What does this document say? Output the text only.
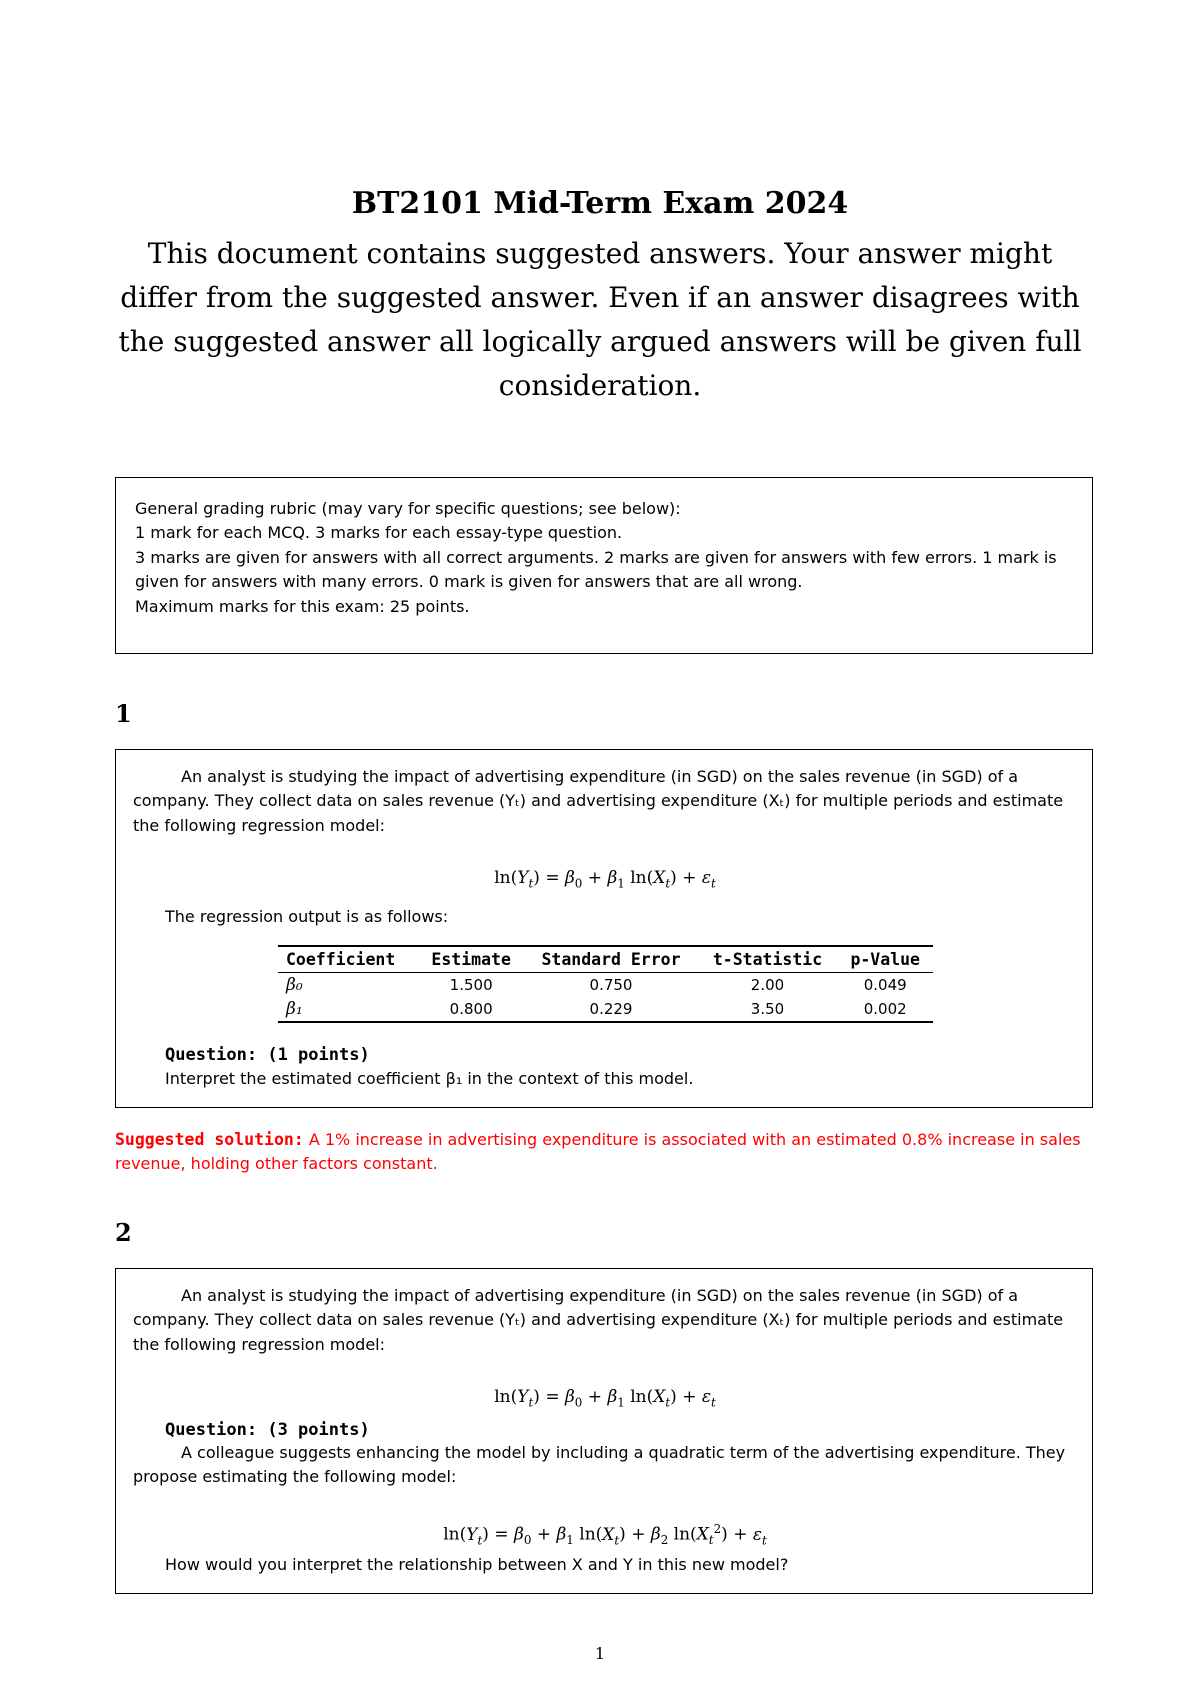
BT2101 Mid-Term Exam 2024
This document contains suggested answers. Your answer might differ from the suggested answer. Even if an answer disagrees with the suggested answer all logically argued answers will be given full consideration.
General grading rubric (may vary for specific questions; see below):
1 mark for each MCQ. 3 marks for each essay-type question.
3 marks are given for answers with all correct arguments. 2 marks are given for answers with few errors. 1 mark is given for answers with many errors. 0 mark is given for answers that are all wrong.
Maximum marks for this exam: 25 points.
1
An analyst is studying the impact of advertising expenditure (in SGD) on the sales revenue (in SGD) of a company. They collect data on sales revenue (Yₜ) and advertising expenditure (Xₜ) for multiple periods and estimate the following regression model:
$\ln(Y_t) = \beta_0 + \beta_1$ $\ln(X_t) + \varepsilon_t$
The regression output is as follows:
Coefficient	Estimate	Standard Error	t-Statistic	p-Value
β₀	1.500	0.750	2.00	0.049
β₁	0.800	0.229	3.50	0.002
Question: (1 points)
Interpret the estimated coefficient β₁ in the context of this model.
Suggested solution: A 1% increase in advertising expenditure is associated with an estimated 0.8% increase in sales revenue, holding other factors constant.
2
An analyst is studying the impact of advertising expenditure (in SGD) on the sales revenue (in SGD) of a company. They collect data on sales revenue (Yₜ) and advertising expenditure (Xₜ) for multiple periods and estimate the following regression model:
$\ln(Y_t) = \beta_0 + \beta_1$ $\ln(X_t) + \varepsilon_t$
Question: (3 points)
A colleague suggests enhancing the model by including a quadratic term of the advertising expenditure. They propose estimating the following model:
$\ln(Y_t) = \beta_0 + \beta_1$ $\ln(X_t) + \beta_2$ $\ln(X_t^2) + \varepsilon_t$
How would you interpret the relationship between X and Y in this new model?
1
